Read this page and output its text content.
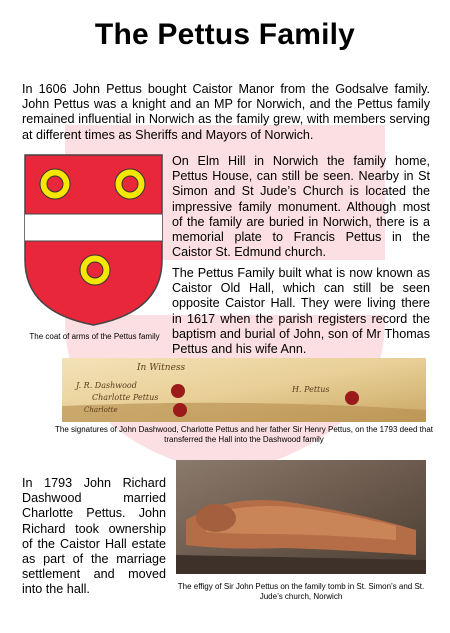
The Pettus Family
In 1606 John Pettus bought Caistor Manor from the Godsalve family. John Pettus was a knight and an MP for Norwich, and the Pettus family remained influential in Norwich as the family grew, with members serving at different times as Sheriffs and Mayors of Norwich.
The coat of arms of the Pettus family
On Elm Hill in Norwich the family home, Pettus House, can still be seen. Nearby in St Simon and St Jude’s Church is located the impressive family monument. Although most of the family are buried in Norwich, there is a memorial plate to Francis Pettus in the Caistor St. Edmund church.
The Pettus Family built what is now known as Caistor Old Hall, which can still be seen opposite Caistor Hall. They were living there in 1617 when the parish registers record the baptism and burial of John, son of Mr Thomas Pettus and his wife Ann.
In Witness
J. R. Dashwood
Charlotte Pettus
Charlotte
H. Pettus
The signatures of John Dashwood, Charlotte Pettus and her father Sir Henry Pettus, on the 1793 deed that transferred the Hall into the Dashwood family
In 1793 John Richard Dashwood married Charlotte Pettus. John Richard took ownership of the Caistor Hall estate as part of the marriage settlement and moved into the hall.	The effigy of Sir John Pettus on the family tomb in St. Simon’s and St. Jude’s church, Norwich
